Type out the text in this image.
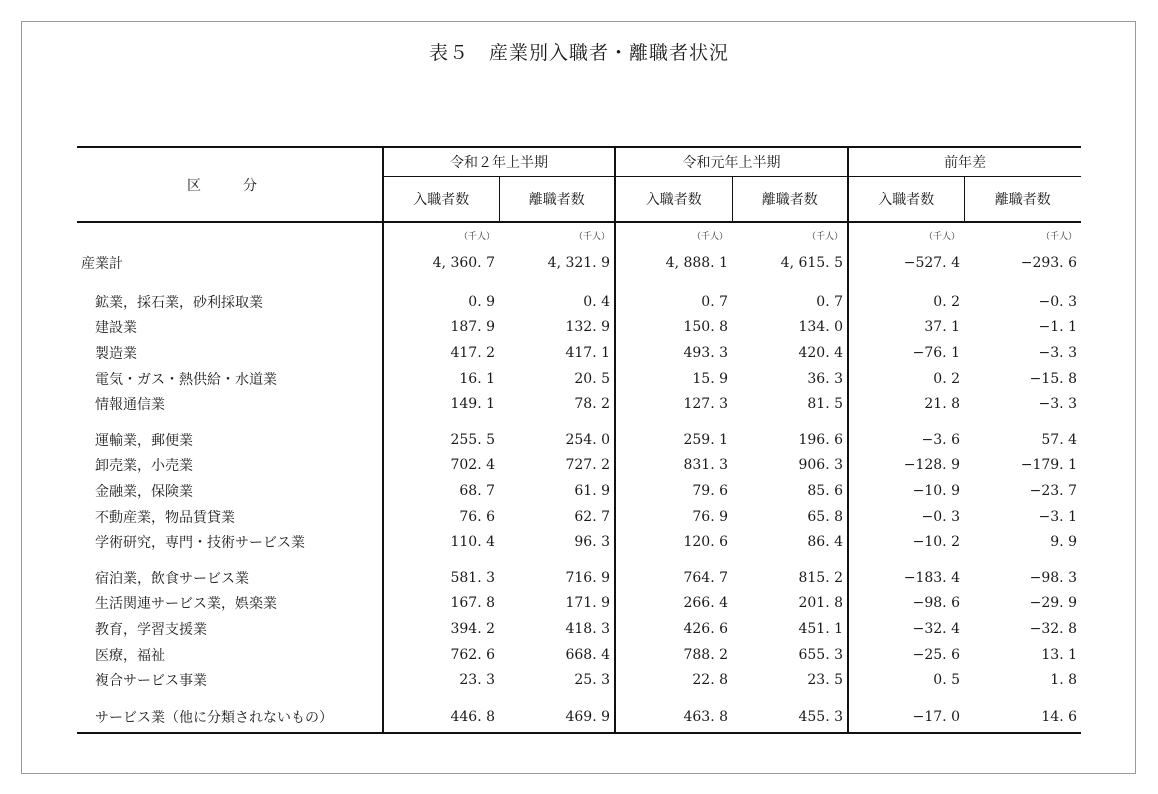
表５　産業別入職者・離職者状況
区　　　分	令和２年上半期		令和元年上半期		前年差	
	入職者数	離職者数	入職者数	離職者数	入職者数	離職者数
	（千人）	（千人）	（千人）	（千人）	（千人）	（千人）
産業計	4, 360. 7	4, 321. 9	4, 888. 1	4, 615. 5	−527. 4	−293. 6

鉱業，採石業，砂利採取業	0. 9	0. 4	0. 7	0. 7	0. 2	−0. 3
建設業	187. 9	132. 9	150. 8	134. 0	37. 1	−1. 1
製造業	417. 2	417. 1	493. 3	420. 4	−76. 1	−3. 3
電気・ガス・熱供給・水道業	16. 1	20. 5	15. 9	36. 3	0. 2	−15. 8
情報通信業	149. 1	78. 2	127. 3	81. 5	21. 8	−3. 3

運輸業，郵便業	255. 5	254. 0	259. 1	196. 6	−3. 6	57. 4
卸売業，小売業	702. 4	727. 2	831. 3	906. 3	−128. 9	−179. 1
金融業，保険業	68. 7	61. 9	79. 6	85. 6	−10. 9	−23. 7
不動産業，物品賃貸業	76. 6	62. 7	76. 9	65. 8	−0. 3	−3. 1
学術研究，専門・技術サービス業	110. 4	96. 3	120. 6	86. 4	−10. 2	9. 9

宿泊業，飲食サービス業	581. 3	716. 9	764. 7	815. 2	−183. 4	−98. 3
生活関連サービス業，娯楽業	167. 8	171. 9	266. 4	201. 8	−98. 6	−29. 9
教育，学習支援業	394. 2	418. 3	426. 6	451. 1	−32. 4	−32. 8
医療，福祉	762. 6	668. 4	788. 2	655. 3	−25. 6	13. 1
複合サービス事業	23. 3	25. 3	22. 8	23. 5	0. 5	1. 8

サービス業（他に分類されないもの）	446. 8	469. 9	463. 8	455. 3	−17. 0	14. 6
